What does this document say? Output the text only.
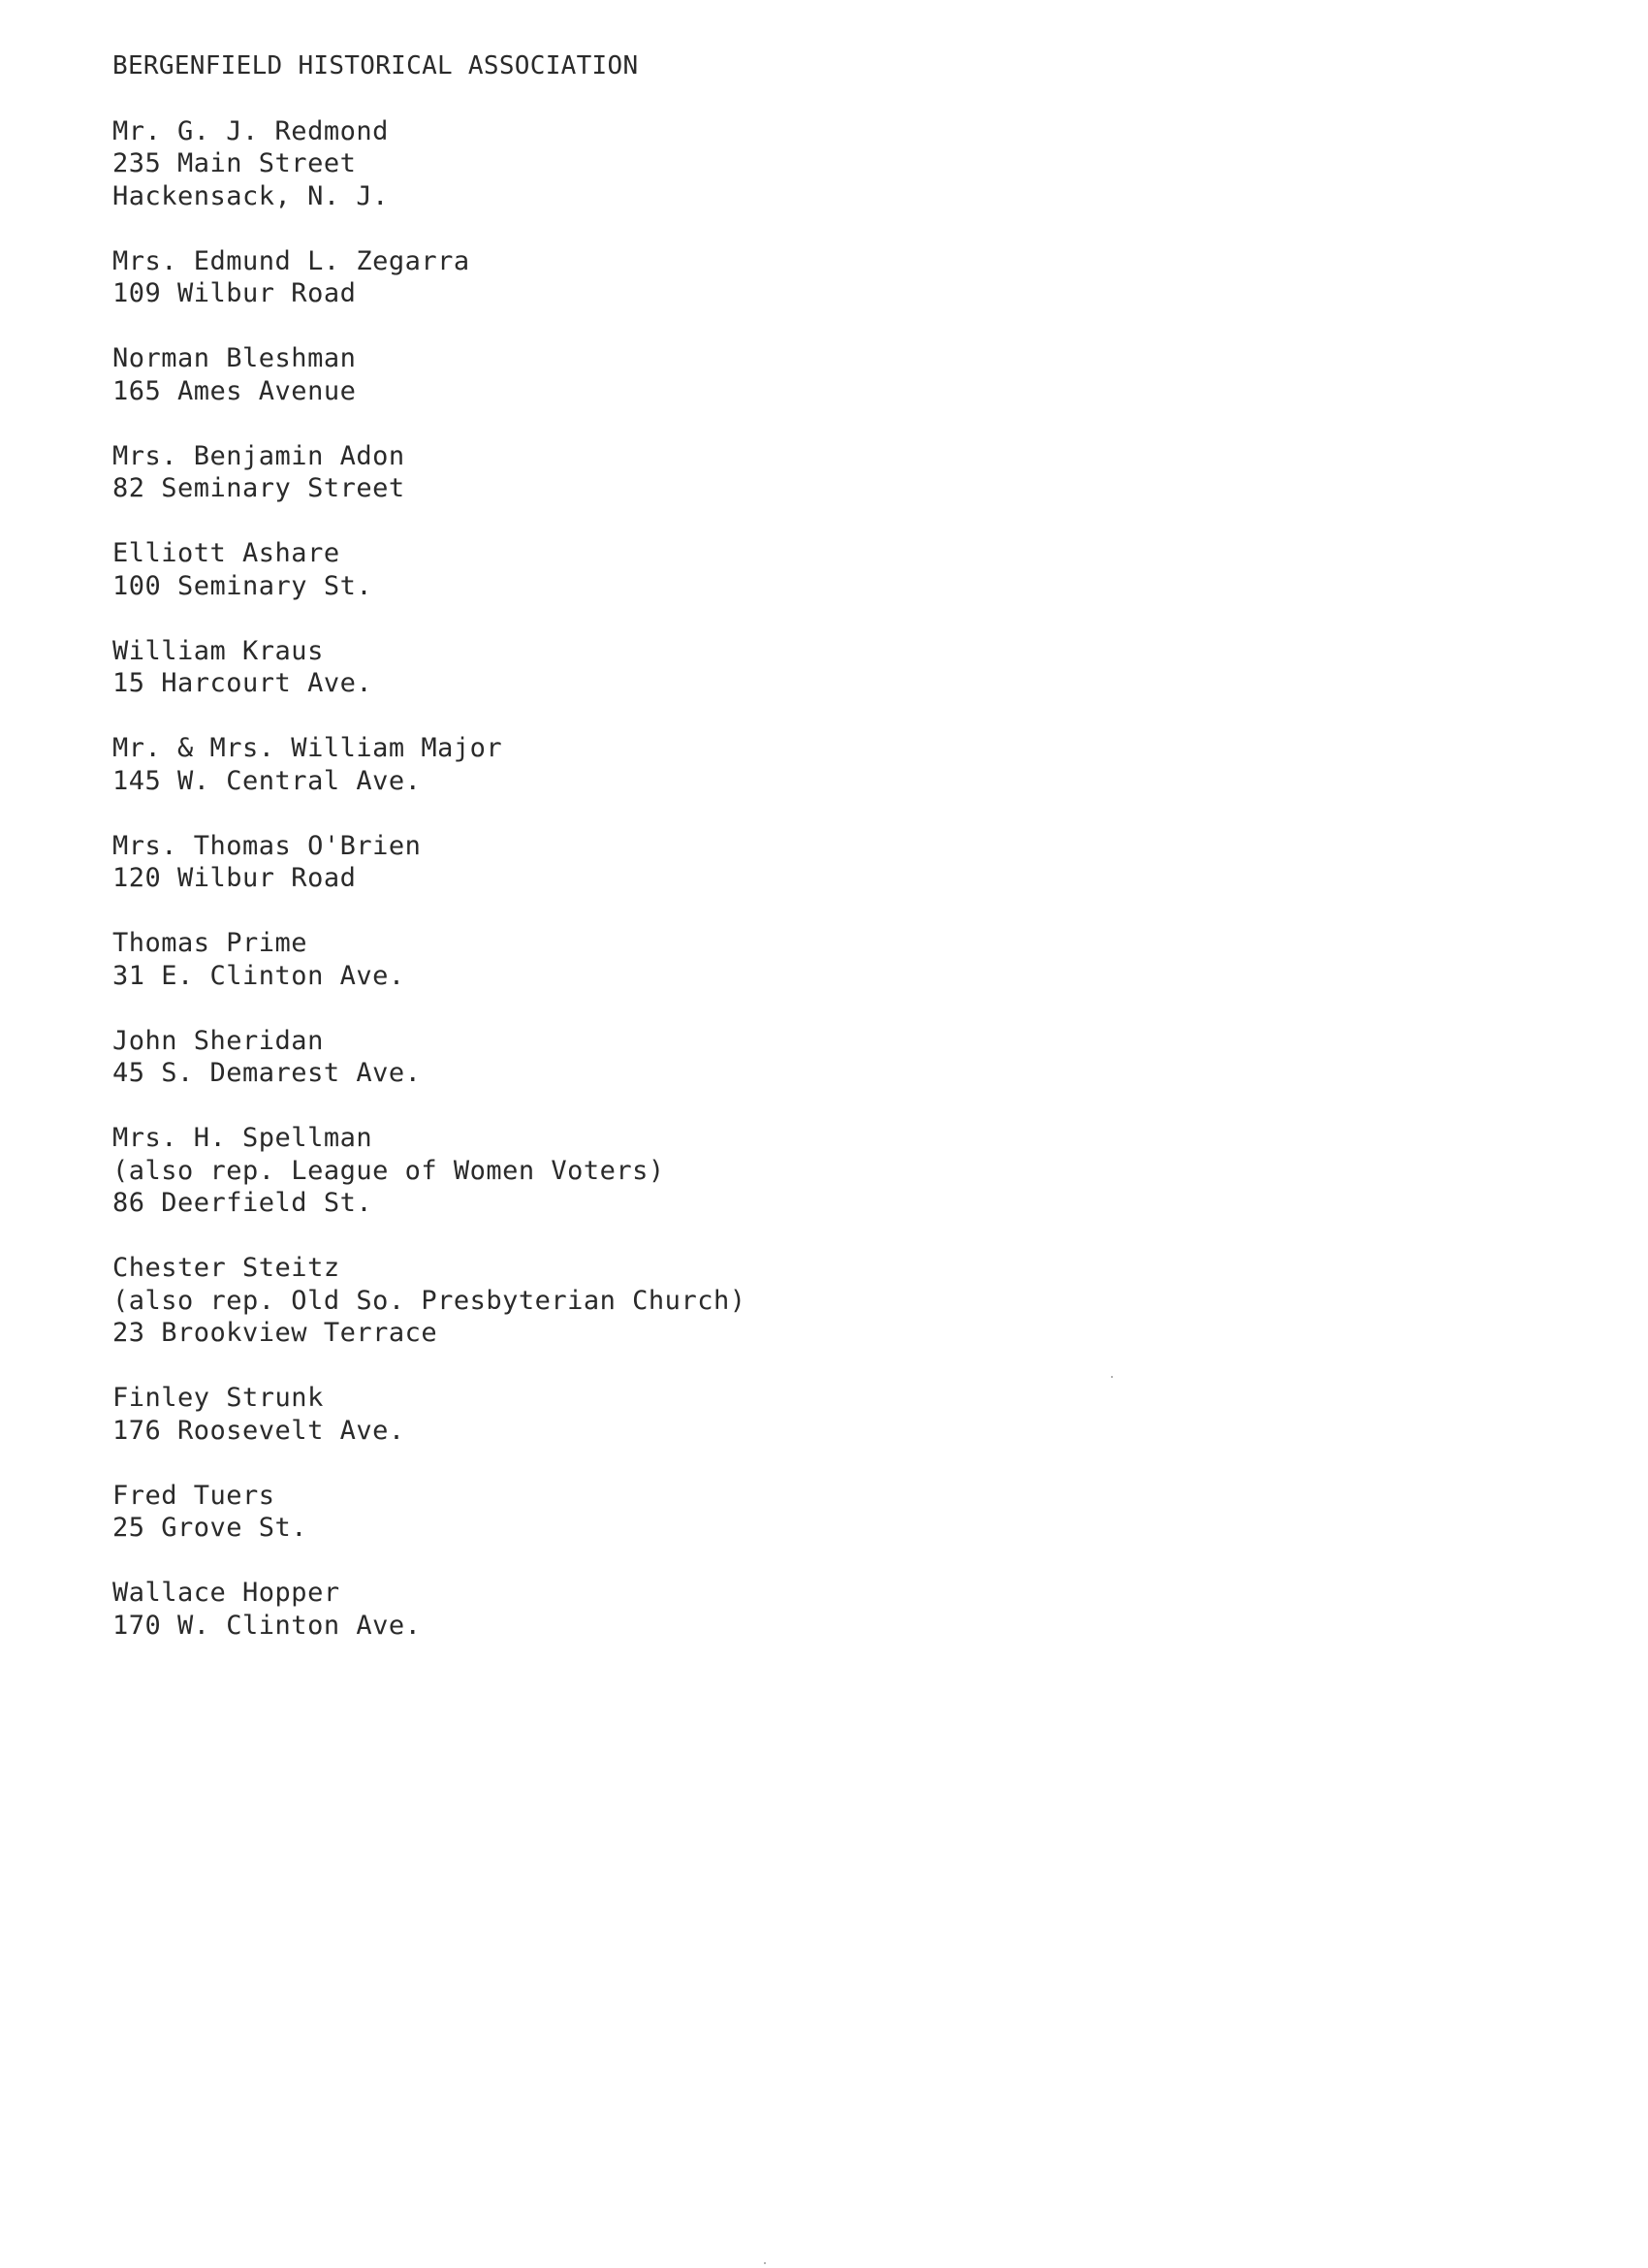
BERGENFIELD HISTORICAL ASSOCIATION
Mr. G. J. Redmond
235 Main Street
Hackensack, N. J.
Mrs. Edmund L. Zegarra
109 Wilbur Road
Norman Bleshman
165 Ames Avenue
Mrs. Benjamin Adon
82 Seminary Street
Elliott Ashare
100 Seminary St.
William Kraus
15 Harcourt Ave.
Mr. & Mrs. William Major
145 W. Central Ave.
Mrs. Thomas O'Brien
120 Wilbur Road
Thomas Prime
31 E. Clinton Ave.
John Sheridan
45 S. Demarest Ave.
Mrs. H. Spellman
(also rep. League of Women Voters)
86 Deerfield St.
Chester Steitz
(also rep. Old So. Presbyterian Church)
23 Brookview Terrace
Finley Strunk
176 Roosevelt Ave.
Fred Tuers
25 Grove St.
Wallace Hopper
170 W. Clinton Ave.
